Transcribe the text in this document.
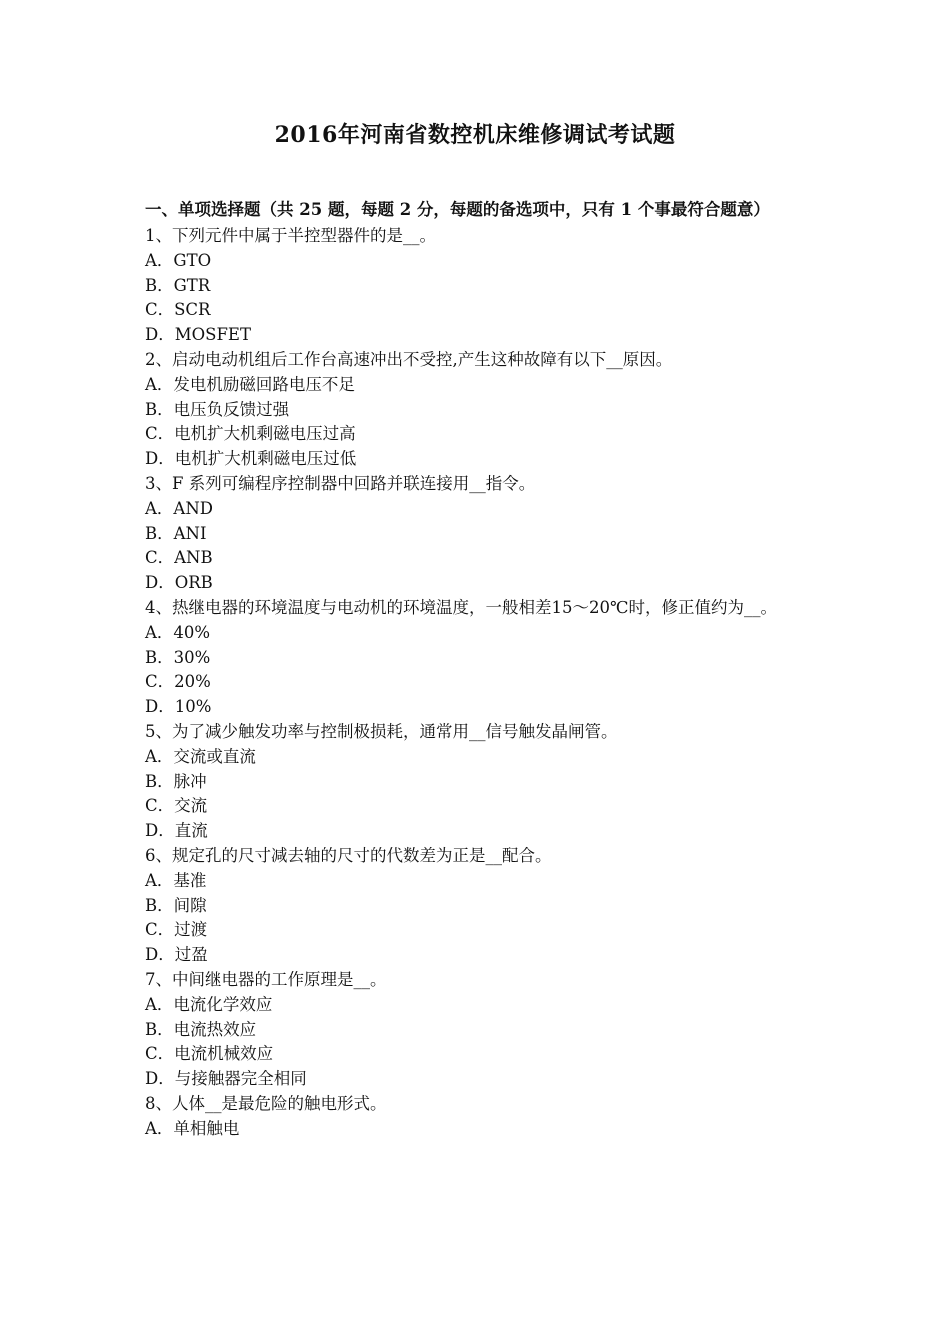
2016年河南省数控机床维修调试考试题
一、单项选择题（共 25 题，每题 2 分，每题的备选项中，只有 1 个事最符合题意）
1、下列元件中属于半控型器件的是__。
A．GTO
B．GTR
C．SCR
D．MOSFET
2、启动电动机组后工作台高速冲出不受控,产生这种故障有以下__原因。
A．发电机励磁回路电压不足
B．电压负反馈过强
C．电机扩大机剩磁电压过高
D．电机扩大机剩磁电压过低
3、F 系列可编程序控制器中回路并联连接用__指令。
A．AND
B．ANI
C．ANB
D．ORB
4、热继电器的环境温度与电动机的环境温度，一般相差15～20℃时，修正值约为__。
A．40%
B．30%
C．20%
D．10%
5、为了减少触发功率与控制极损耗，通常用__信号触发晶闸管。
A．交流或直流
B．脉冲
C．交流
D．直流
6、规定孔的尺寸减去轴的尺寸的代数差为正是__配合。
A．基准
B．间隙
C．过渡
D．过盈
7、中间继电器的工作原理是__。
A．电流化学效应
B．电流热效应
C．电流机械效应
D．与接触器完全相同
8、人体__是最危险的触电形式。
A．单相触电
